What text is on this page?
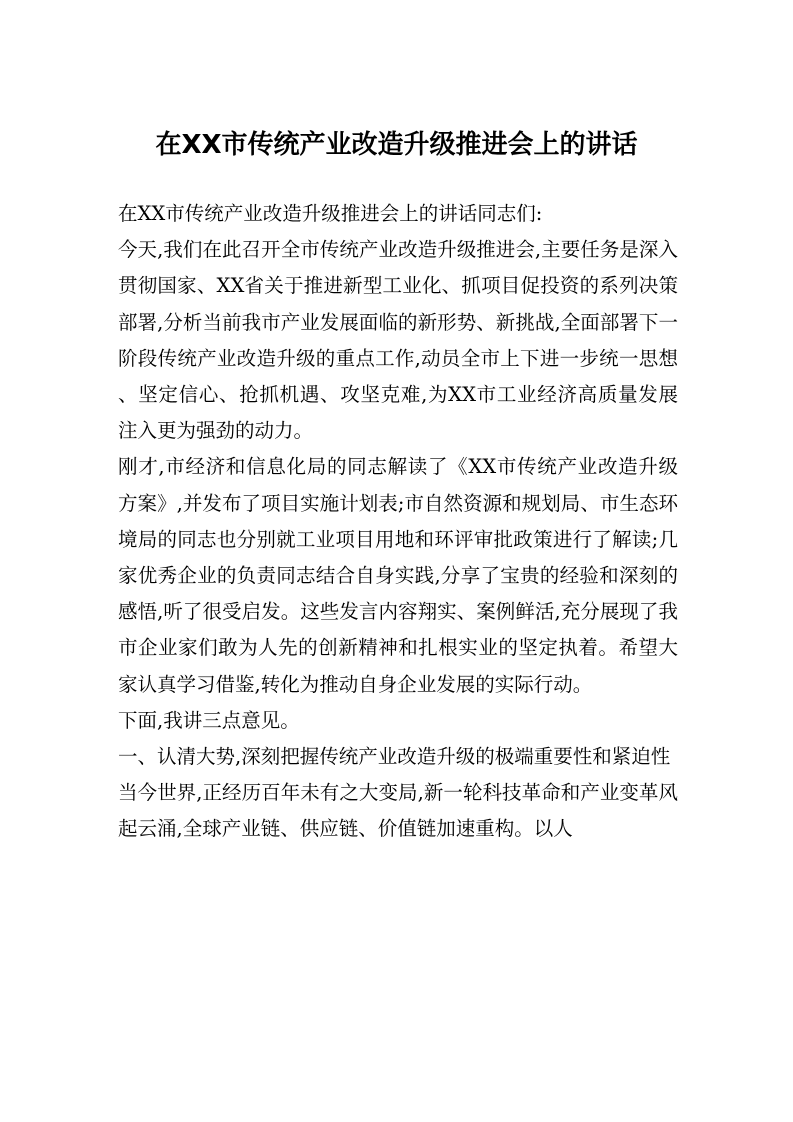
在XX市传统产业改造升级推进会上的讲话

在XX市传统产业改造升级推进会上的讲话同志们:

今天,我们在此召开全市传统产业改造升级推进会,主要任务是深入贯彻国家、XX省关于推进新型工业化、抓项目促投资的系列决策部署,分析当前我市产业发展面临的新形势、新挑战,全面部署下一阶段传统产业改造升级的重点工作,动员全市上下进一步统一思想、坚定信心、抢抓机遇、攻坚克难,为XX市工业经济高质量发展注入更为强劲的动力。

刚才,市经济和信息化局的同志解读了《XX市传统产业改造升级方案》,并发布了项目实施计划表;市自然资源和规划局、市生态环境局的同志也分别就工业项目用地和环评审批政策进行了解读;几家优秀企业的负责同志结合自身实践,分享了宝贵的经验和深刻的感悟,听了很受启发。这些发言内容翔实、案例鲜活,充分展现了我市企业家们敢为人先的创新精神和扎根实业的坚定执着。希望大家认真学习借鉴,转化为推动自身企业发展的实际行动。

下面,我讲三点意见。

一、认清大势,深刻把握传统产业改造升级的极端重要性和紧迫性

当今世界,正经历百年未有之大变局,新一轮科技革命和产业变革风起云涌,全球产业链、供应链、价值链加速重构。以人
